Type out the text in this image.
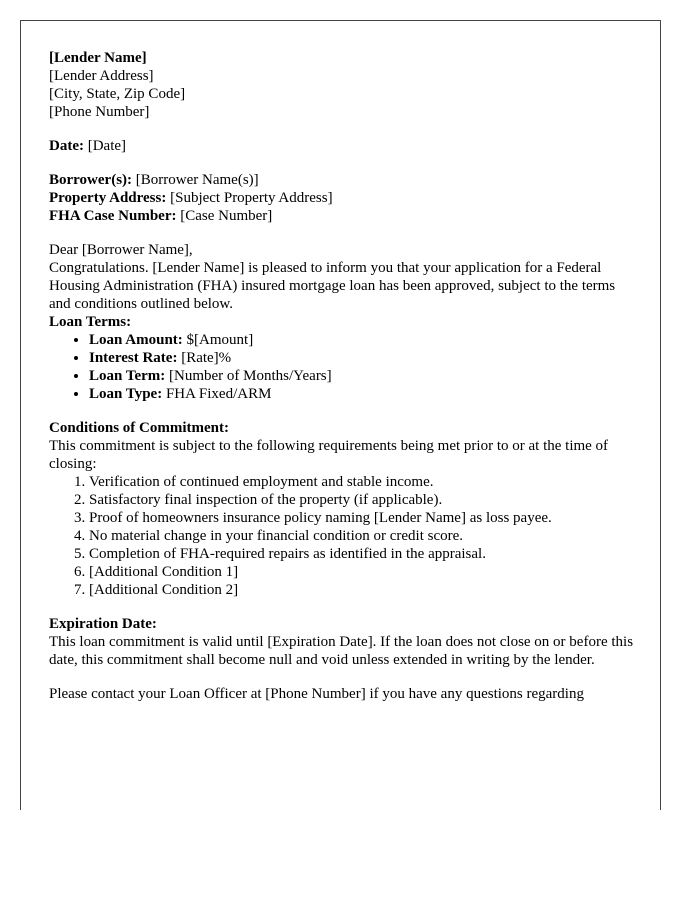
[Lender Name]

[Lender Address]

[City, State, Zip Code]

[Phone Number]

Date: [Date]

Borrower(s): [Borrower Name(s)]

Property Address: [Subject Property Address]

FHA Case Number: [Case Number]

Dear [Borrower Name],

Congratulations. [Lender Name] is pleased to inform you that your application for a Federal Housing Administration (FHA) insured mortgage loan has been approved, subject to the terms and conditions outlined below.

Loan Terms:

• Loan Amount: $[Amount]
• Interest Rate: [Rate]%
• Loan Term: [Number of Months/Years]
• Loan Type: FHA Fixed/ARM

Conditions of Commitment:

This commitment is subject to the following requirements being met prior to or at the time of closing:

1. Verification of continued employment and stable income.
2. Satisfactory final inspection of the property (if applicable).
3. Proof of homeowners insurance policy naming [Lender Name] as loss payee.
4. No material change in your financial condition or credit score.
5. Completion of FHA-required repairs as identified in the appraisal.
6. [Additional Condition 1]
7. [Additional Condition 2]

Expiration Date:

This loan commitment is valid until [Expiration Date]. If the loan does not close on or before this date, this commitment shall become null and void unless extended in writing by the lender.

Please contact your Loan Officer at [Phone Number] if you have any questions regarding
